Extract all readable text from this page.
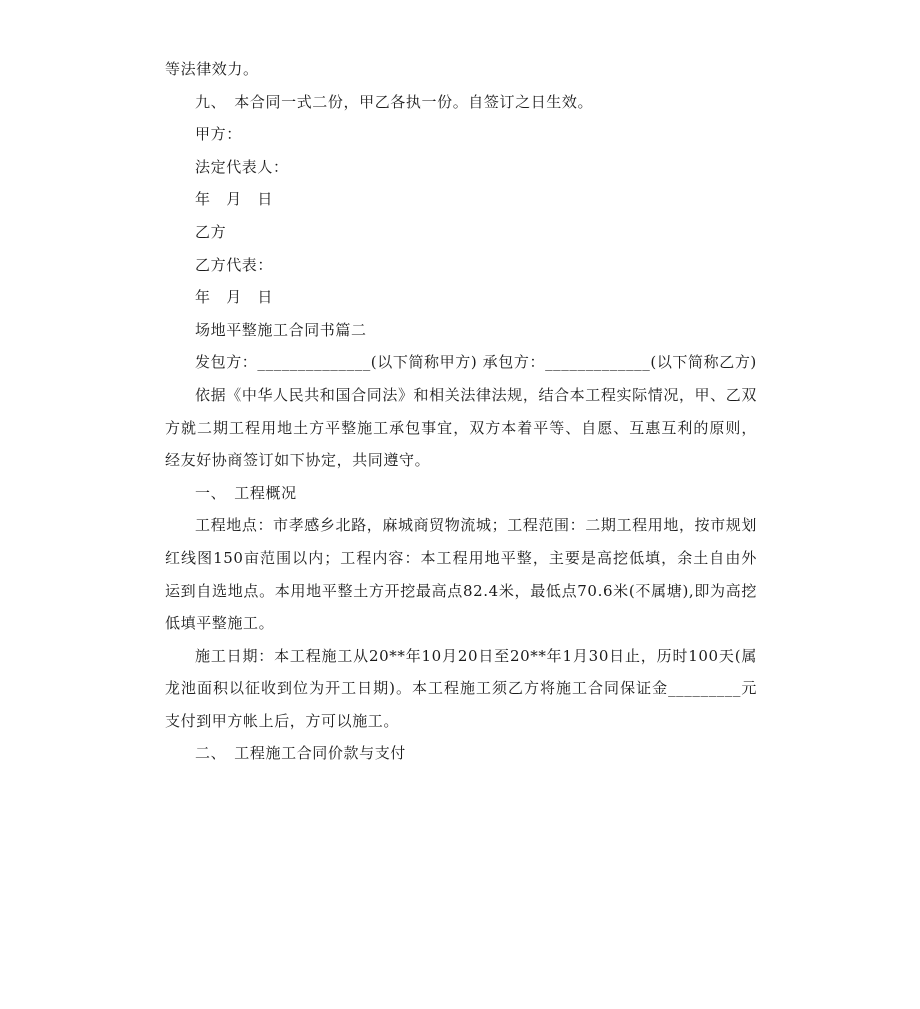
等法律效力。

九、　本合同一式二份，甲乙各执一份。自签订之日生效。

甲方：

法定代表人：

年　月　日

乙方

乙方代表：

年　月　日

场地平整施工合同书篇二

发包方：______________(以下简称甲方) 承包方：_____________(以下简称乙方)

依据《中华人民共和国合同法》和相关法律法规，结合本工程实际情况，甲、乙双方就二期工程用地土方平整施工承包事宜，双方本着平等、自愿、互惠互利的原则，经友好协商签订如下协定，共同遵守。

一、　工程概况

工程地点：市孝感乡北路，麻城商贸物流城；工程范围：二期工程用地，按市规划红线图150亩范围以内；工程内容：本工程用地平整，主要是高挖低填，余土自由外运到自选地点。本用地平整土方开挖最高点82.4米，最低点70.6米(不属塘),即为高挖低填平整施工。

施工日期：本工程施工从20**年10月20日至20**年1月30日止，历时100天(属龙池面积以征收到位为开工日期)。本工程施工须乙方将施工合同保证金_________元支付到甲方帐上后，方可以施工。

二、　工程施工合同价款与支付
